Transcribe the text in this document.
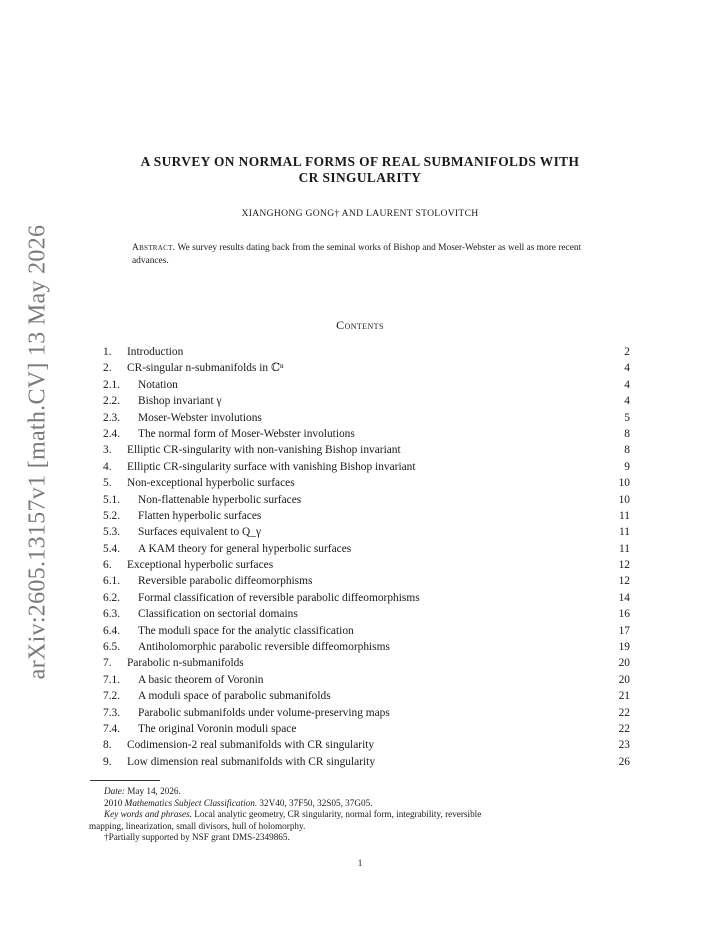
arXiv:2605.13157v1 [math.CV] 13 May 2026
A SURVEY ON NORMAL FORMS OF REAL SUBMANIFOLDS WITH
CR SINGULARITY
XIANGHONG GONG† AND LAURENT STOLOVITCH
Abstract. We survey results dating back from the seminal works of Bishop and Moser-Webster as well as more recent advances.
Contents
1.	Introduction	2
2.	CR-singular n-submanifolds in ℂⁿ	4
2.1.	Notation	4
2.2.	Bishop invariant γ	4
2.3.	Moser-Webster involutions	5
2.4.	The normal form of Moser-Webster involutions	8
3.	Elliptic CR-singularity with non-vanishing Bishop invariant	8
4.	Elliptic CR-singularity surface with vanishing Bishop invariant	9
5.	Non-exceptional hyperbolic surfaces	10
5.1.	Non-flattenable hyperbolic surfaces	10
5.2.	Flatten hyperbolic surfaces	11
5.3.	Surfaces equivalent to Q_γ	11
5.4.	A KAM theory for general hyperbolic surfaces	11
6.	Exceptional hyperbolic surfaces	12
6.1.	Reversible parabolic diffeomorphisms	12
6.2.	Formal classification of reversible parabolic diffeomorphisms	14
6.3.	Classification on sectorial domains	16
6.4.	The moduli space for the analytic classification	17
6.5.	Antiholomorphic parabolic reversible diffeomorphisms	19
7.	Parabolic n-submanifolds	20
7.1.	A basic theorem of Voronin	20
7.2.	A moduli space of parabolic submanifolds	21
7.3.	Parabolic submanifolds under volume-preserving maps	22
7.4.	The original Voronin moduli space	22
8.	Codimension-2 real submanifolds with CR singularity	23
9.	Low dimension real submanifolds with CR singularity	26
Date: May 14, 2026.
2010 Mathematics Subject Classification. 32V40, 37F50, 32S05, 37G05.
Key words and phrases. Local analytic geometry, CR singularity, normal form, integrability, reversible
mapping, linearization, small divisors, hull of holomorphy.
†Partially supported by NSF grant DMS-2349865.
1
